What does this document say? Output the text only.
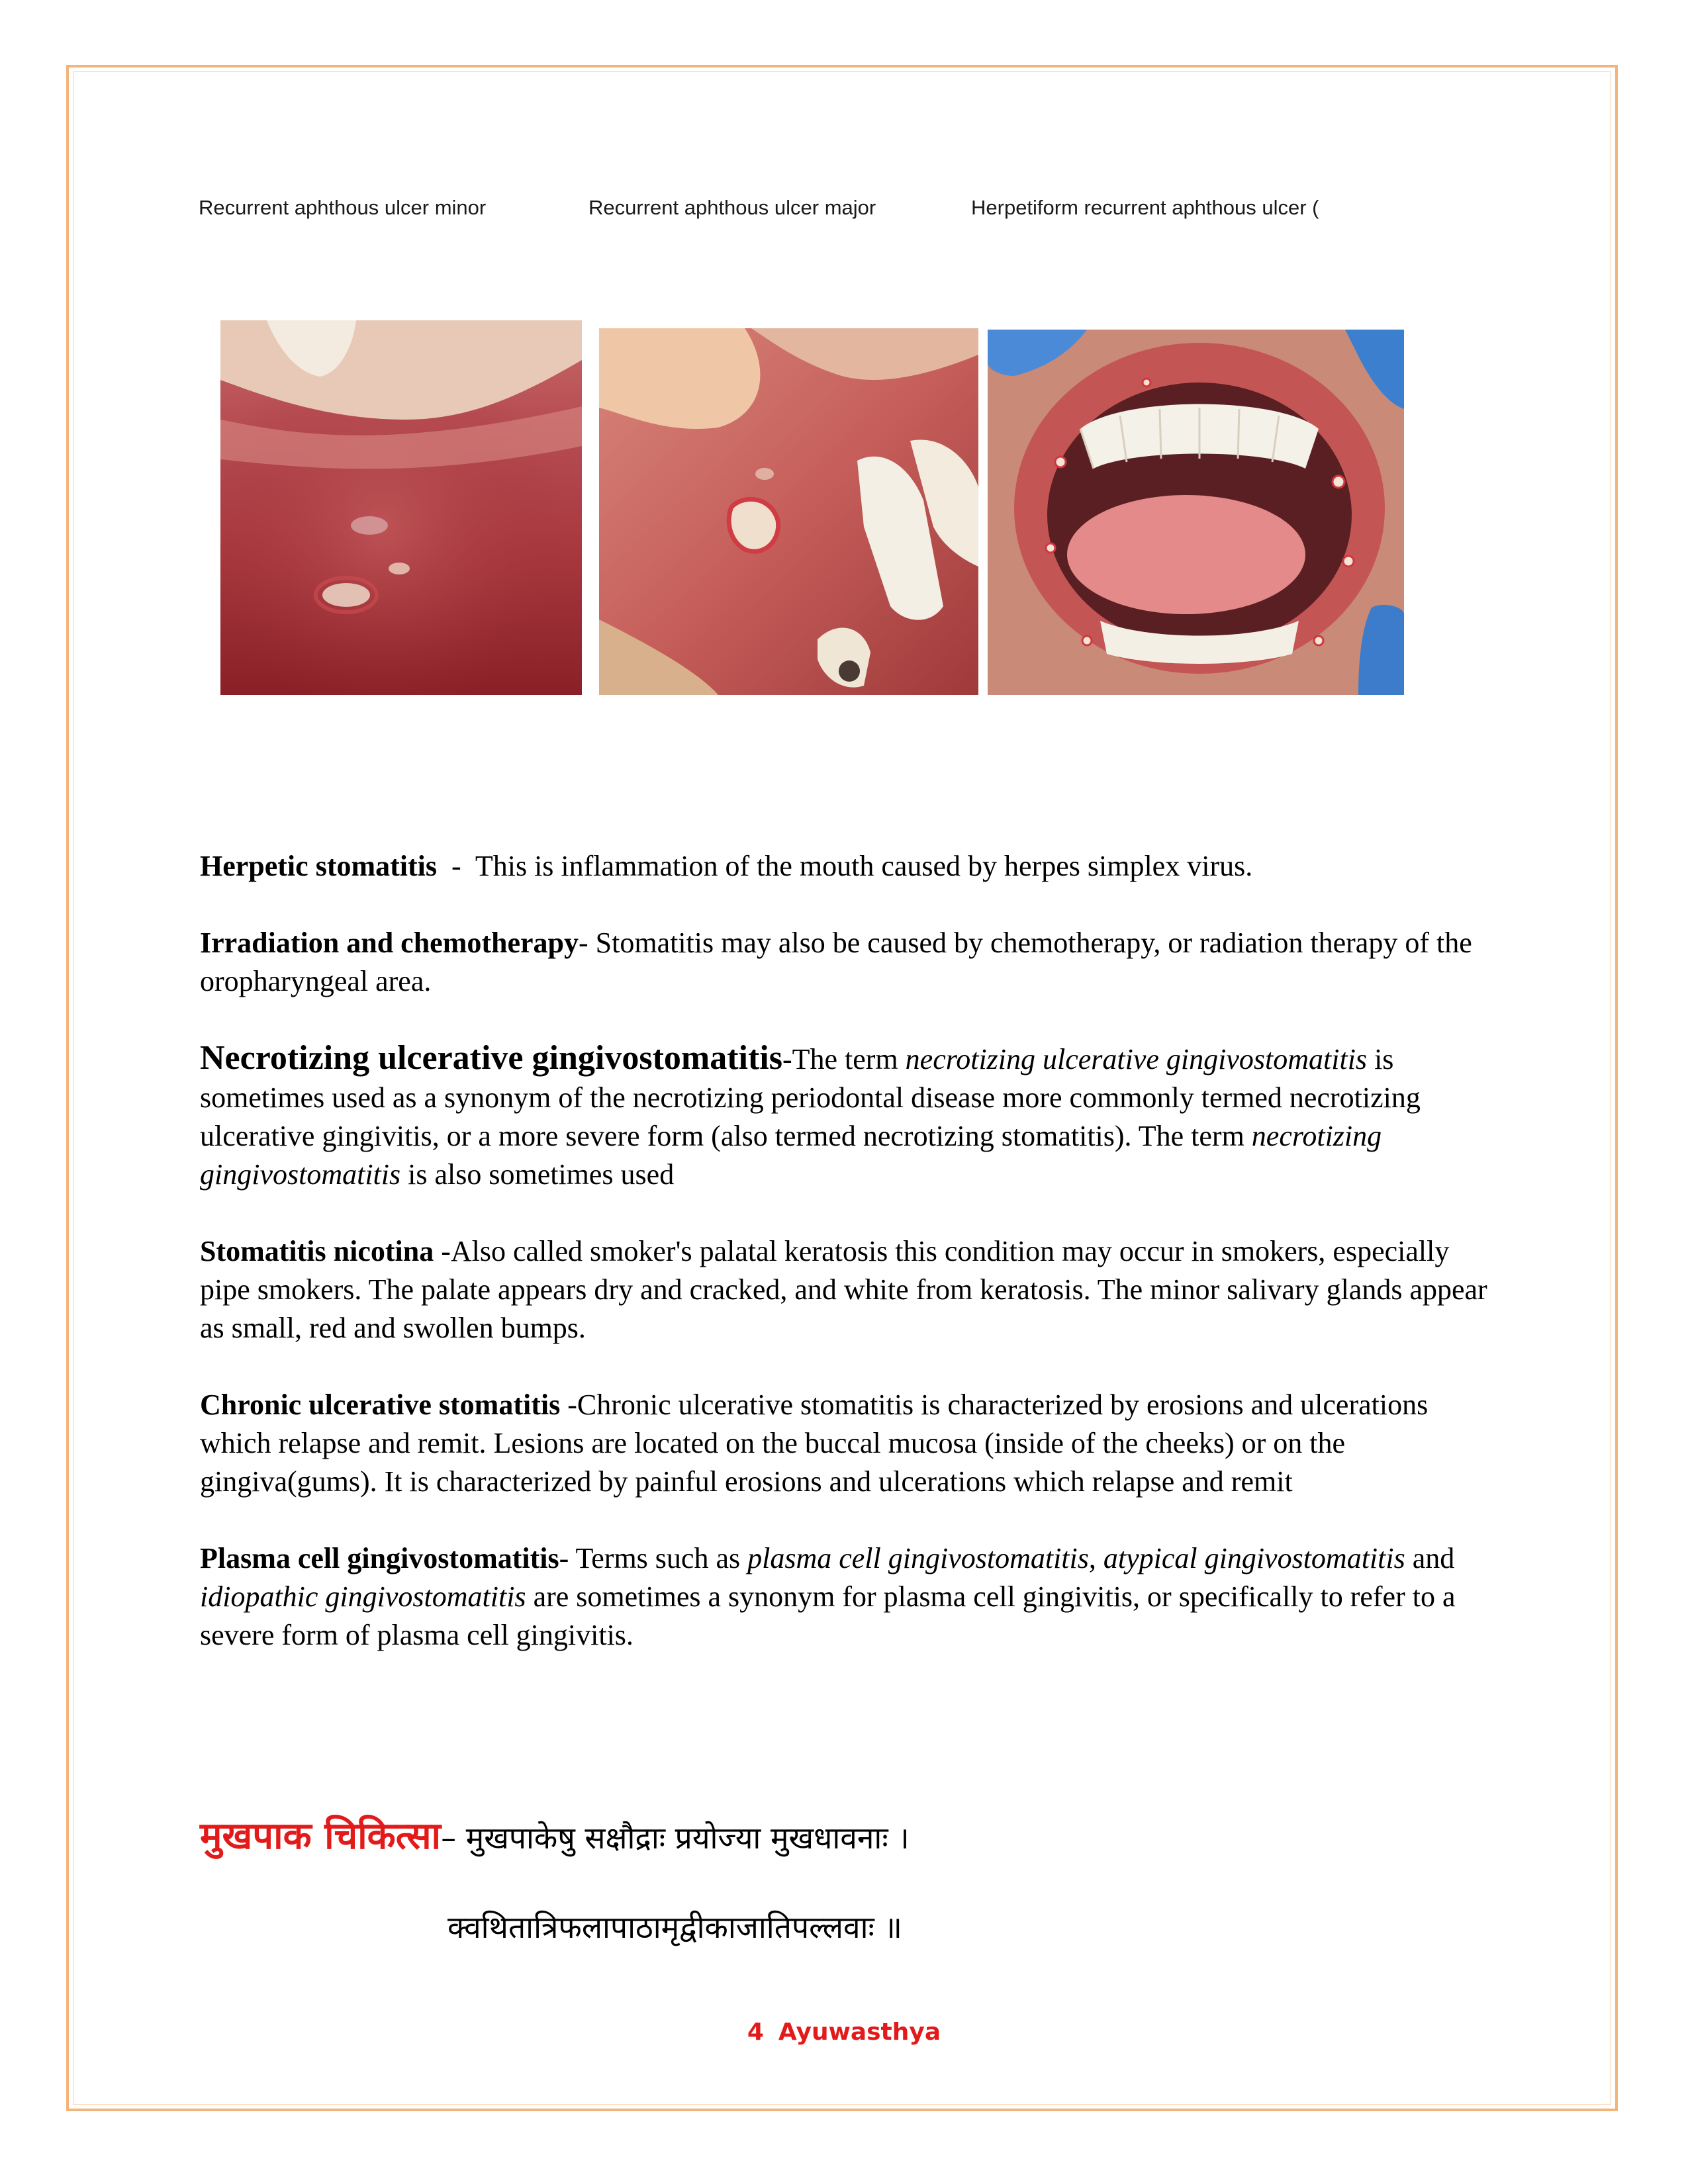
Recurrent aphthous ulcer minor	Recurrent aphthous ulcer major	Herpetiform recurrent aphthous ulcer (

Herpetic stomatitis  -  This is inflammation of the mouth caused by herpes simplex virus.

Irradiation and chemotherapy- Stomatitis may also be caused by chemotherapy, or radiation therapy of the oropharyngeal area.

Necrotizing ulcerative gingivostomatitis-The term necrotizing ulcerative gingivostomatitis is sometimes used as a synonym of the necrotizing periodontal disease more commonly termed necrotizing ulcerative gingivitis, or a more severe form (also termed necrotizing stomatitis). The term necrotizing gingivostomatitis is also sometimes used

Stomatitis nicotina -Also called smoker's palatal keratosis this condition may occur in smokers, especially pipe smokers. The palate appears dry and cracked, and white from keratosis. The minor salivary glands appear as small, red and swollen bumps.

Chronic ulcerative stomatitis -Chronic ulcerative stomatitis is characterized by erosions and ulcerations which relapse and remit. Lesions are located on the buccal mucosa (inside of the cheeks) or on the gingiva(gums). It is characterized by painful erosions and ulcerations which relapse and remit

Plasma cell gingivostomatitis- Terms such as plasma cell gingivostomatitis, atypical gingivostomatitis and idiopathic gingivostomatitis are sometimes a synonym for plasma cell gingivitis, or specifically to refer to a severe form of plasma cell gingivitis.

मुखपाक चिकित्सा– मुखपाकेषु सक्षौद्राः प्रयोज्या मुखधावनाः ।
क्वथितात्रिफलापाठामृद्वीकाजातिपल्लवाः ॥
4 Ayuwasthya
